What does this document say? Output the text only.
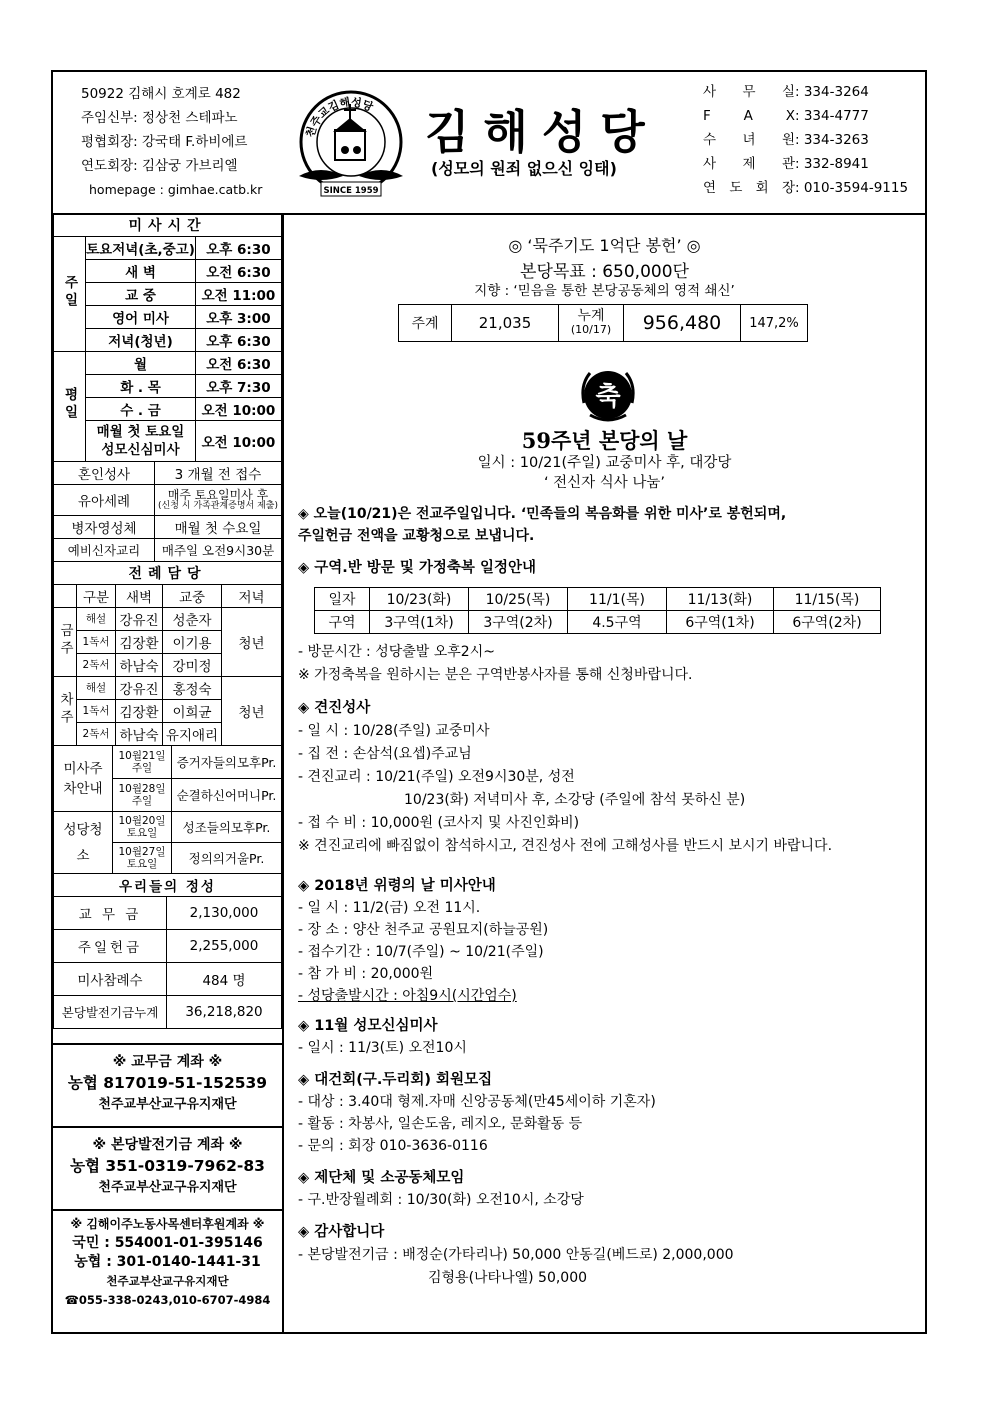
50922 김해시 호계로 482
주임신부: 정상천 스테파노
평협회장: 강국태 F.하비에르
연도회장: 김삼궁 가브리엘
homepage : gimhae.catb.kr
천주교김해성당
SINCE 1959
김해성당
(성모의 원죄 없으신 잉태)
사 무 실 : 334-3264
F A X : 334-4777
수 녀 원 : 334-3263
사 제 관 : 332-8941
연 도 회 장 : 010-3594-9115
미사시간		
주일	토요저녁(초,중고)	오후 6:30
	새 벽	오전 6:30
	교 중	오전 11:00
	영어 미사	오후 3:00
	저녁(청년)	오후 6:30
평일	월	오전 6:30
	화 . 목	오후 7:30
	수 . 금	오전 10:00
	매월 첫 토요일 성모신심미사	오전 10:00
혼인성사	3 개월 전 접수
유아세례	매주 토요일미사 후
(신청 시 가족관계증명서 제출)

병자영성체	매월 첫 수요일
예비신자교리	매주일 오전9시30분
전례담당				
	구분	새벽	교중	저녁
금주	해설	강유진	성춘자	청년
	1독서	김장환	이기용	
	2독서	하남숙	강미정	
차주	해설	강유진	홍정숙	청년
	1독서	김장환	이희균	
	2독서	하남숙	유지애리	
미사주차안내	10월21일 주일	증거자들의모후Pr.
	10월28일 주일	순결하신어머니Pr.
성당청소	10월20일 토요일	성조들의모후Pr.
	10월27일 토요일	정의의거울Pr.
우리들의 정성	
교 무 금	2,130,000
주일헌금	2,255,000
미사참례수	484 명
본당발전기금누계	36,218,820
※ 교무금 계좌 ※
농협 817019-51-152539
천주교부산교구유지재단
※ 본당발전기금 계좌 ※
농협 351-0319-7962-83
천주교부산교구유지재단
※ 김해이주노동사목센터후원계좌 ※
국민 : 554001-01-395146
농협 : 301-0140-1441-31
천주교부산교구유지재단
☎055-338-0243,010-6707-4984
◎ ‘묵주기도 1억단 봉헌’ ◎
본당목표 : 650,000단
지향 : ‘믿음을 통한 본당공동체의 영적 쇄신’
주계	21,035	누계
(10/17)	956,480	147,2%
축
59주년 본당의 날
일시 : 10/21(주일) 교중미사 후, 대강당
‘ 전신자 식사 나눔’
◈ 오늘(10/21)은 전교주일입니다. ‘민족들의 복음화를 위한 미사’로 봉헌되며,
주일헌금 전액을 교황청으로 보냅니다.
◈ 구역.반 방문 및 가정축복 일정안내
일자	10/23(화)	10/25(목)	11/1(목)	11/13(화)	11/15(목)
구역	3구역(1차)	3구역(2차)	4.5구역	6구역(1차)	6구역(2차)
- 방문시간 : 성당출발 오후2시~
※ 가정축복을 원하시는 분은 구역반봉사자를 통해 신청바랍니다.
◈ 견진성사
- 일 시 : 10/28(주일) 교중미사
- 집 전 : 손삼석(요셉)주교님
- 견진교리 : 10/21(주일) 오전9시30분, 성전
10/23(화) 저녁미사 후, 소강당 (주일에 참석 못하신 분)
- 접 수 비 : 10,000원 (코사지 및 사진인화비)
※ 견진교리에 빠짐없이 참석하시고, 견진성사 전에 고해성사를 반드시 보시기 바랍니다.
◈ 2018년 위령의 날 미사안내
- 일 시 : 11/2(금) 오전 11시.
- 장 소 : 양산 천주교 공원묘지(하늘공원)
- 접수기간 : 10/7(주일) ~ 10/21(주일)
- 참 가 비 : 20,000원
- 성당출발시간 : 아침9시(시간엄수)
◈ 11월 성모신심미사
- 일시 : 11/3(토) 오전10시
◈ 대건회(구.두리회) 회원모집
- 대상 : 3.40대 형제.자매 신앙공동체(만45세이하 기혼자)
- 활동 : 차봉사, 일손도움, 레지오, 문화활동 등
- 문의 : 회장 010-3636-0116
◈ 제단체 및 소공동체모임
- 구.반장월례회 : 10/30(화) 오전10시, 소강당
◈ 감사합니다
- 본당발전기금 : 배정순(가타리나) 50,000 안동길(베드로) 2,000,000
김형용(나타나엘) 50,000
